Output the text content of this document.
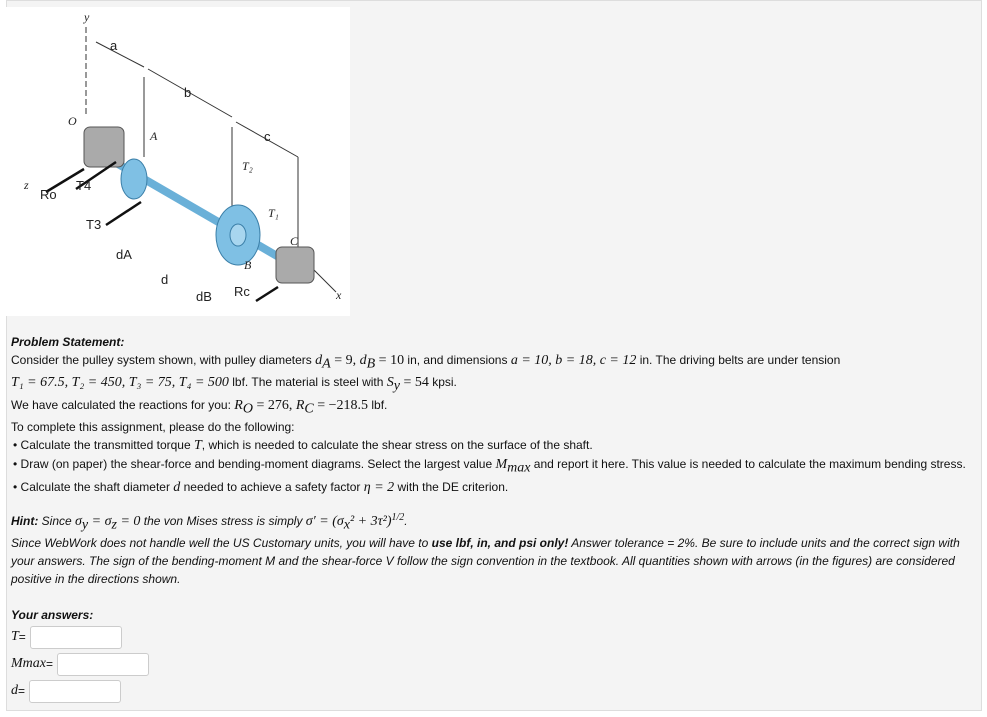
y
a
b
c
O
A
T₂
T₁
C
B
z
Ro
T4
T3
dA
d
dB Rc	x
Problem Statement:
Consider the pulley system shown, with pulley diameters $d_A = 9$, $d_B = 10$ in, and dimensions a = 10, b = 18, c = 12 in. The driving belts are under tension
T₁ = 67.5, T₂ = 450, T₃ = 75, T₄ = 500 lbf. The material is steel with $S_y = 54$ kpsi.
We have calculated the reactions for you: $R_O = 276$, $R_C = -218.5$ lbf.
To complete this assignment, please do the following:
• Calculate the transmitted torque T, which is needed to calculate the shear stress on the surface of the shaft.
• Draw (on paper) the shear-force and bending-moment diagrams. Select the largest value $M_{max}$ and report it here. This value is needed to calculate the maximum bending stress.
• Calculate the shaft diameter d needed to achieve a safety factor η = 2 with the DE criterion.
Hint: Since $\sigma_y = \sigma_z = 0$ the von Mises stress is simply $\sigma' = (\sigma_x^2 + 3\tau^2)^{1/2}$.
Since WebWork does not handle well the US Customary units, you will have to use lbf, in, and psi only! Answer tolerance = 2%. Be sure to include units and the correct sign with your answers. The sign of the bending-moment M and the shear-force V follow the sign convention in the textbook. All quantities shown with arrows (in the figures) are considered positive in the directions shown.
Your answers:
T =
M max =
d =
